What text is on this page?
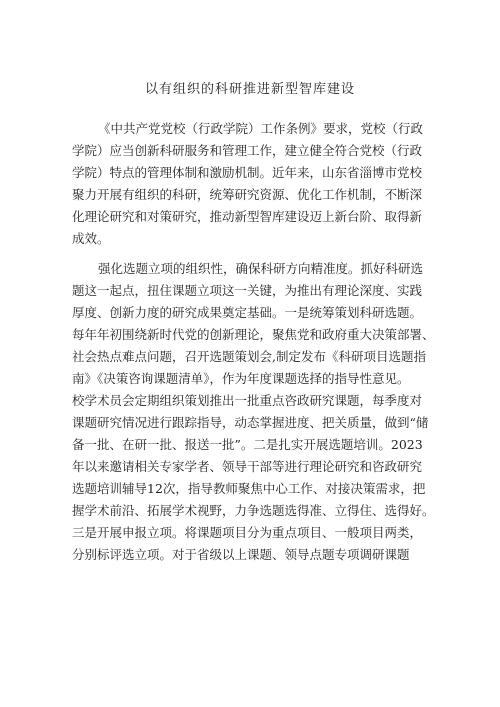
以有组织的科研推进新型智库建设
《中共产党党校（行政学院）工作条例》要求，党校（行政
学院）应当创新科研服务和管理工作，建立健全符合党校（行政
学院）特点的管理体制和激励机制。近年来，山东省淄博市党校
聚力开展有组织的科研，统筹研究资源、优化工作机制，不断深
化理论研究和对策研究，推动新型智库建设迈上新台阶、取得新
成效。
强化选题立项的组织性，确保科研方向精准度。抓好科研选
题这一起点，扭住课题立项这一关键，为推出有理论深度、实践
厚度、创新力度的研究成果奠定基础。一是统筹策划科研选题。
每年年初围绕新时代党的创新理论，聚焦党和政府重大决策部署、
社会热点难点问题，召开选题策划会,制定发布《科研项目选题指
南》《决策咨询课题清单》，作为年度课题选择的指导性意见。
校学术员会定期组织策划推出一批重点咨政研究课题，每季度对
课题研究情况进行跟踪指导，动态掌握进度、把关质量，做到“储
备一批、在研一批、报送一批”。二是扎实开展选题培训。2023
年以来邀请相关专家学者、领导干部等进行理论研究和咨政研究
选题培训辅导12次，指导教师聚焦中心工作、对接决策需求，把
握学术前沿、拓展学术视野，力争选题选得准、立得住、选得好。
三是开展申报立项。将课题项目分为重点项目、一般项目两类，
分别标评选立项。对于省级以上课题、领导点题专项调研课题
